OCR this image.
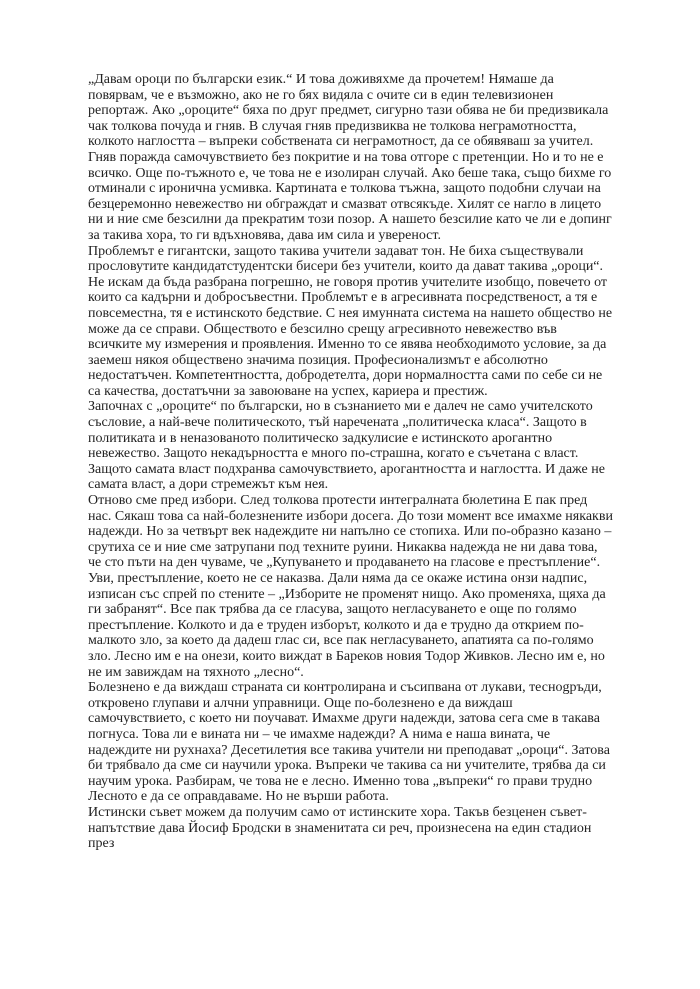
„Давам ороци по български език.“ И това доживяхме да прочетем! Нямаше да повярвам, че е възможно, ако не го бях видяла с очите си в един телевизионен репортаж. Ако „ороците“ бяха по друг предмет, сигурно тази обява не би предизвикала чак толкова почуда и гняв. В случая гняв предизвиква не толкова неграмотността, колкото наглостта – въпреки собствената си неграмотност, да се обявяваш за учител. Гняв поражда самочувствието без покритие и на това отгоре с претенции. Но и то не е всичко. Още по-тъжното е, че това не е изолиран случай. Ако беше така, също бихме го отминали с иронична усмивка. Картината е толкова тъжна, защото подобни случаи на безцеремонно невежество ни обграждат и смазват отвсякъде. Хилят се нагло в лицето ни и ние сме безсилни да прекратим този позор. А нашето безсилие като че ли е допинг за такива хора, то ги вдъхновява, дава им сила и увереност.

Проблемът е гигантски, защото такива учители задават тон. Не биха съществували прословутите кандидатстудентски бисери без учители, които да дават такива „ороци“. Не искам да бъда разбрана погрешно, не говоря против учителите изобщо, повечето от които са кадърни и добросъвестни. Проблемът е в агресивната посредственост, а тя е повсеместна, тя е истинското бедствие. С нея имунната система на нашето общество не може да се справи. Обществото е безсилно срещу агресивното невежество във всичките му измерения и проявления. Именно то се явява необходимото условие, за да заемеш някоя обществено значима позиция. Професионализмът е абсолютно недостатъчен. Компетентността, добродетелта, дори нормалността сами по себе си не са качества, достатъчни за завоюване на успех, кариера и престиж.

Започнах с „ороците“ по български, но в съзнанието ми е далеч не само учителското съсловие, а най-вече политическото, тъй наречената „политическа класа“. Защото в политиката и в неназованото политическо задкулисие е истинското арогантно невежество. Защото некадърността е много по-страшна, когато е съчетана с власт. Защото самата власт подхранва самочувствието, арогантността и наглостта. И даже не самата власт, а дори стремежът към нея.

Отново сме пред избори. След толкова протести интегралната бюлетина Е пак пред нас. Сякаш това са най-болезнените избори досега. До този момент все имахме някакви надежди. Но за четвърт век надеждите ни напълно се стопиха. Или по-образно казано – срутиха се и ние сме затрупани под техните руини. Никаква надежда не ни дава това, че сто пъти на ден чуваме, че „Купуването и продаването на гласове е престъпление“. Уви, престъпление, което не се наказва. Дали няма да се окаже истина онзи надпис, изписан със спрей по стените – „Изборите не променят нищо. Ако променяха, щяха да ги забранят“. Все пак трябва да се гласува, защото негласуването е още по голямо престъпление. Колкото и да е труден изборът, колкото и да е трудно да открием по-малкото зло, за което да дадеш глас си, все пак негласуването, апатията са по-голямо зло. Лесно им е на онези, които виждат в Бареков новия Тодор Живков. Лесно им е, но не им завиждам на тяхното „лесно“.

Болезнено е да виждаш страната си контролирана и съсипвана от лукави, теснogръди, откровено глупави и алчни управници. Още по-болезнено е да виждаш самочувствието, с което ни поучават. Имахме други надежди, затова сега сме в такава погнуса. Това ли е вината ни – че имахме надежди? А нима е наша вината, че надеждите ни рухнаха? Десетилетия все такива учители ни преподават „ороци“. Затова би трябвало да сме си научили урока. Въпреки че такива са ни учителите, трябва да си научим урока. Разбирам, че това не е лесно. Именно това „въпреки“ го прави трудно Лесното е да се оправдаваме. Но не върши работа.

Истински съвет можем да получим само от истинските хора. Такъв безценен съвет-напътствие дава Йосиф Бродски в знаменитата си реч, произнесена на един стадион през
